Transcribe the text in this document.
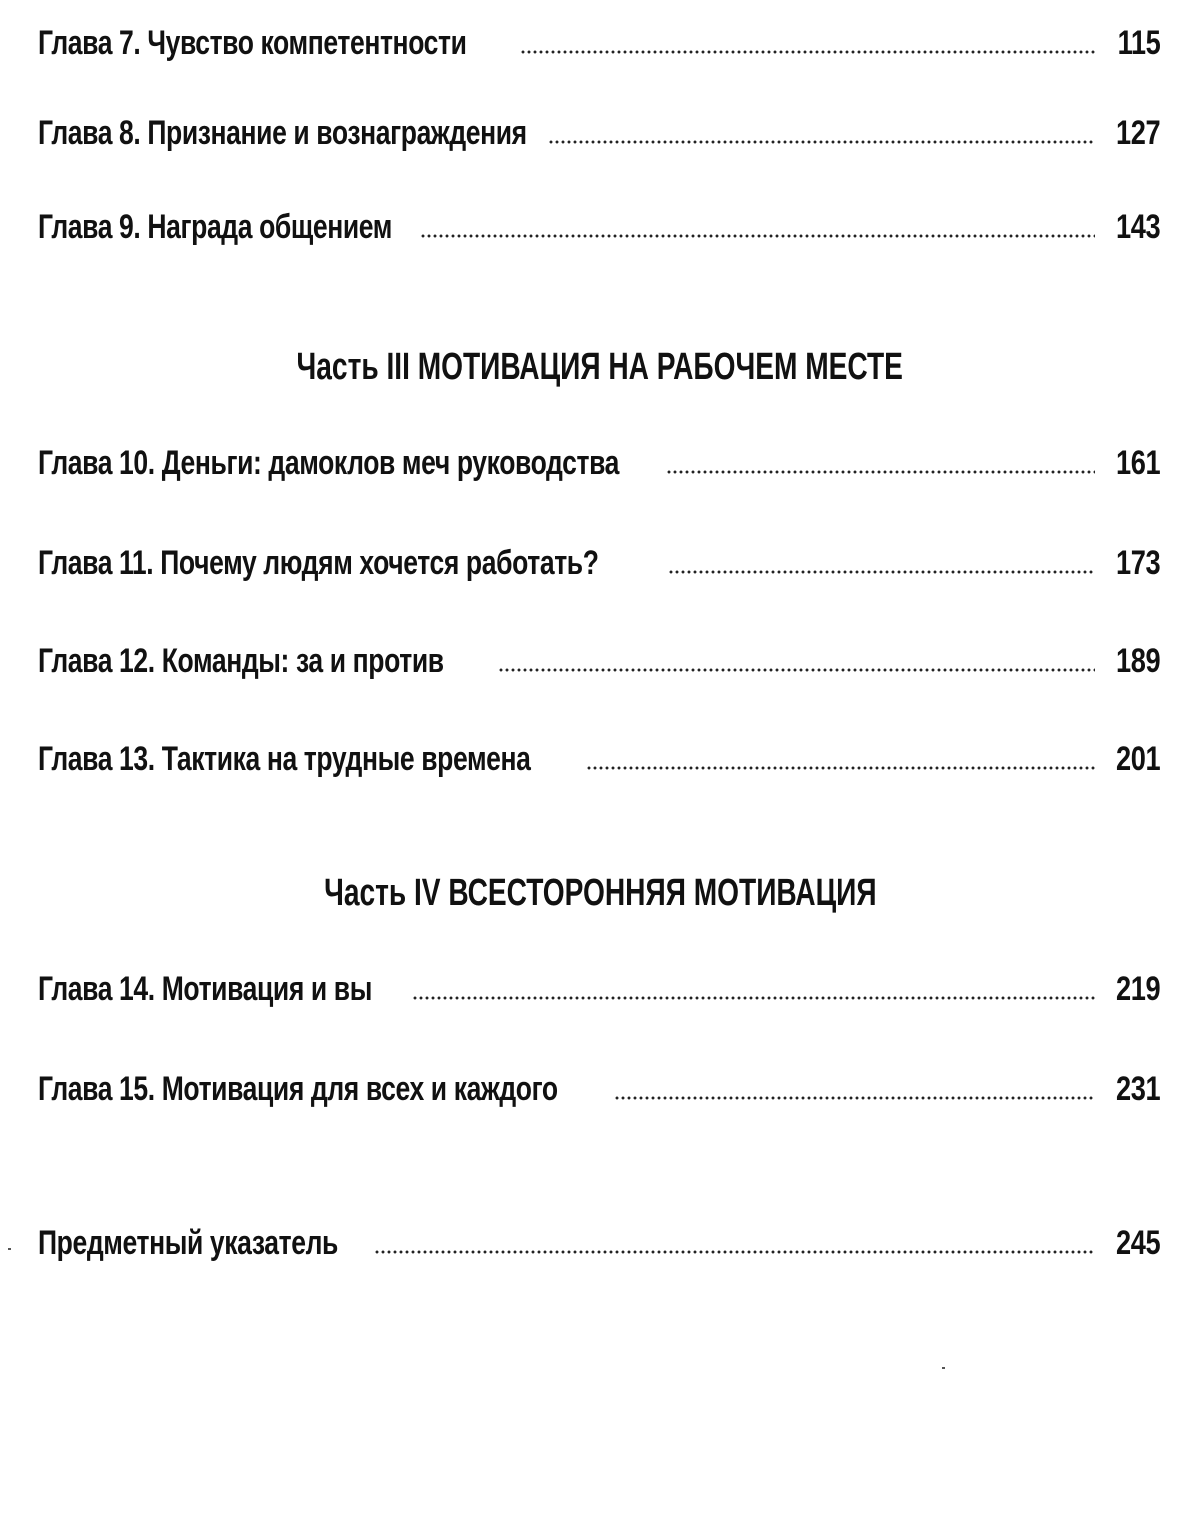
Глава 7. Чувство компетентности	115
Глава 8. Признание и вознаграждения	127
Глава 9. Награда общением	143
Часть III МОТИВАЦИЯ НА РАБОЧЕМ МЕСТЕ
Глава 10. Деньги: дамоклов меч руководства	161
Глава 11. Почему людям хочется работать?	173
Глава 12. Команды: за и против	189
Глава 13. Тактика на трудные времена	201
Часть IV ВСЕСТОРОННЯЯ МОТИВАЦИЯ
Глава 14. Мотивация и вы	219
Глава 15. Мотивация для всех и каждого	231
Предметный указатель	245
